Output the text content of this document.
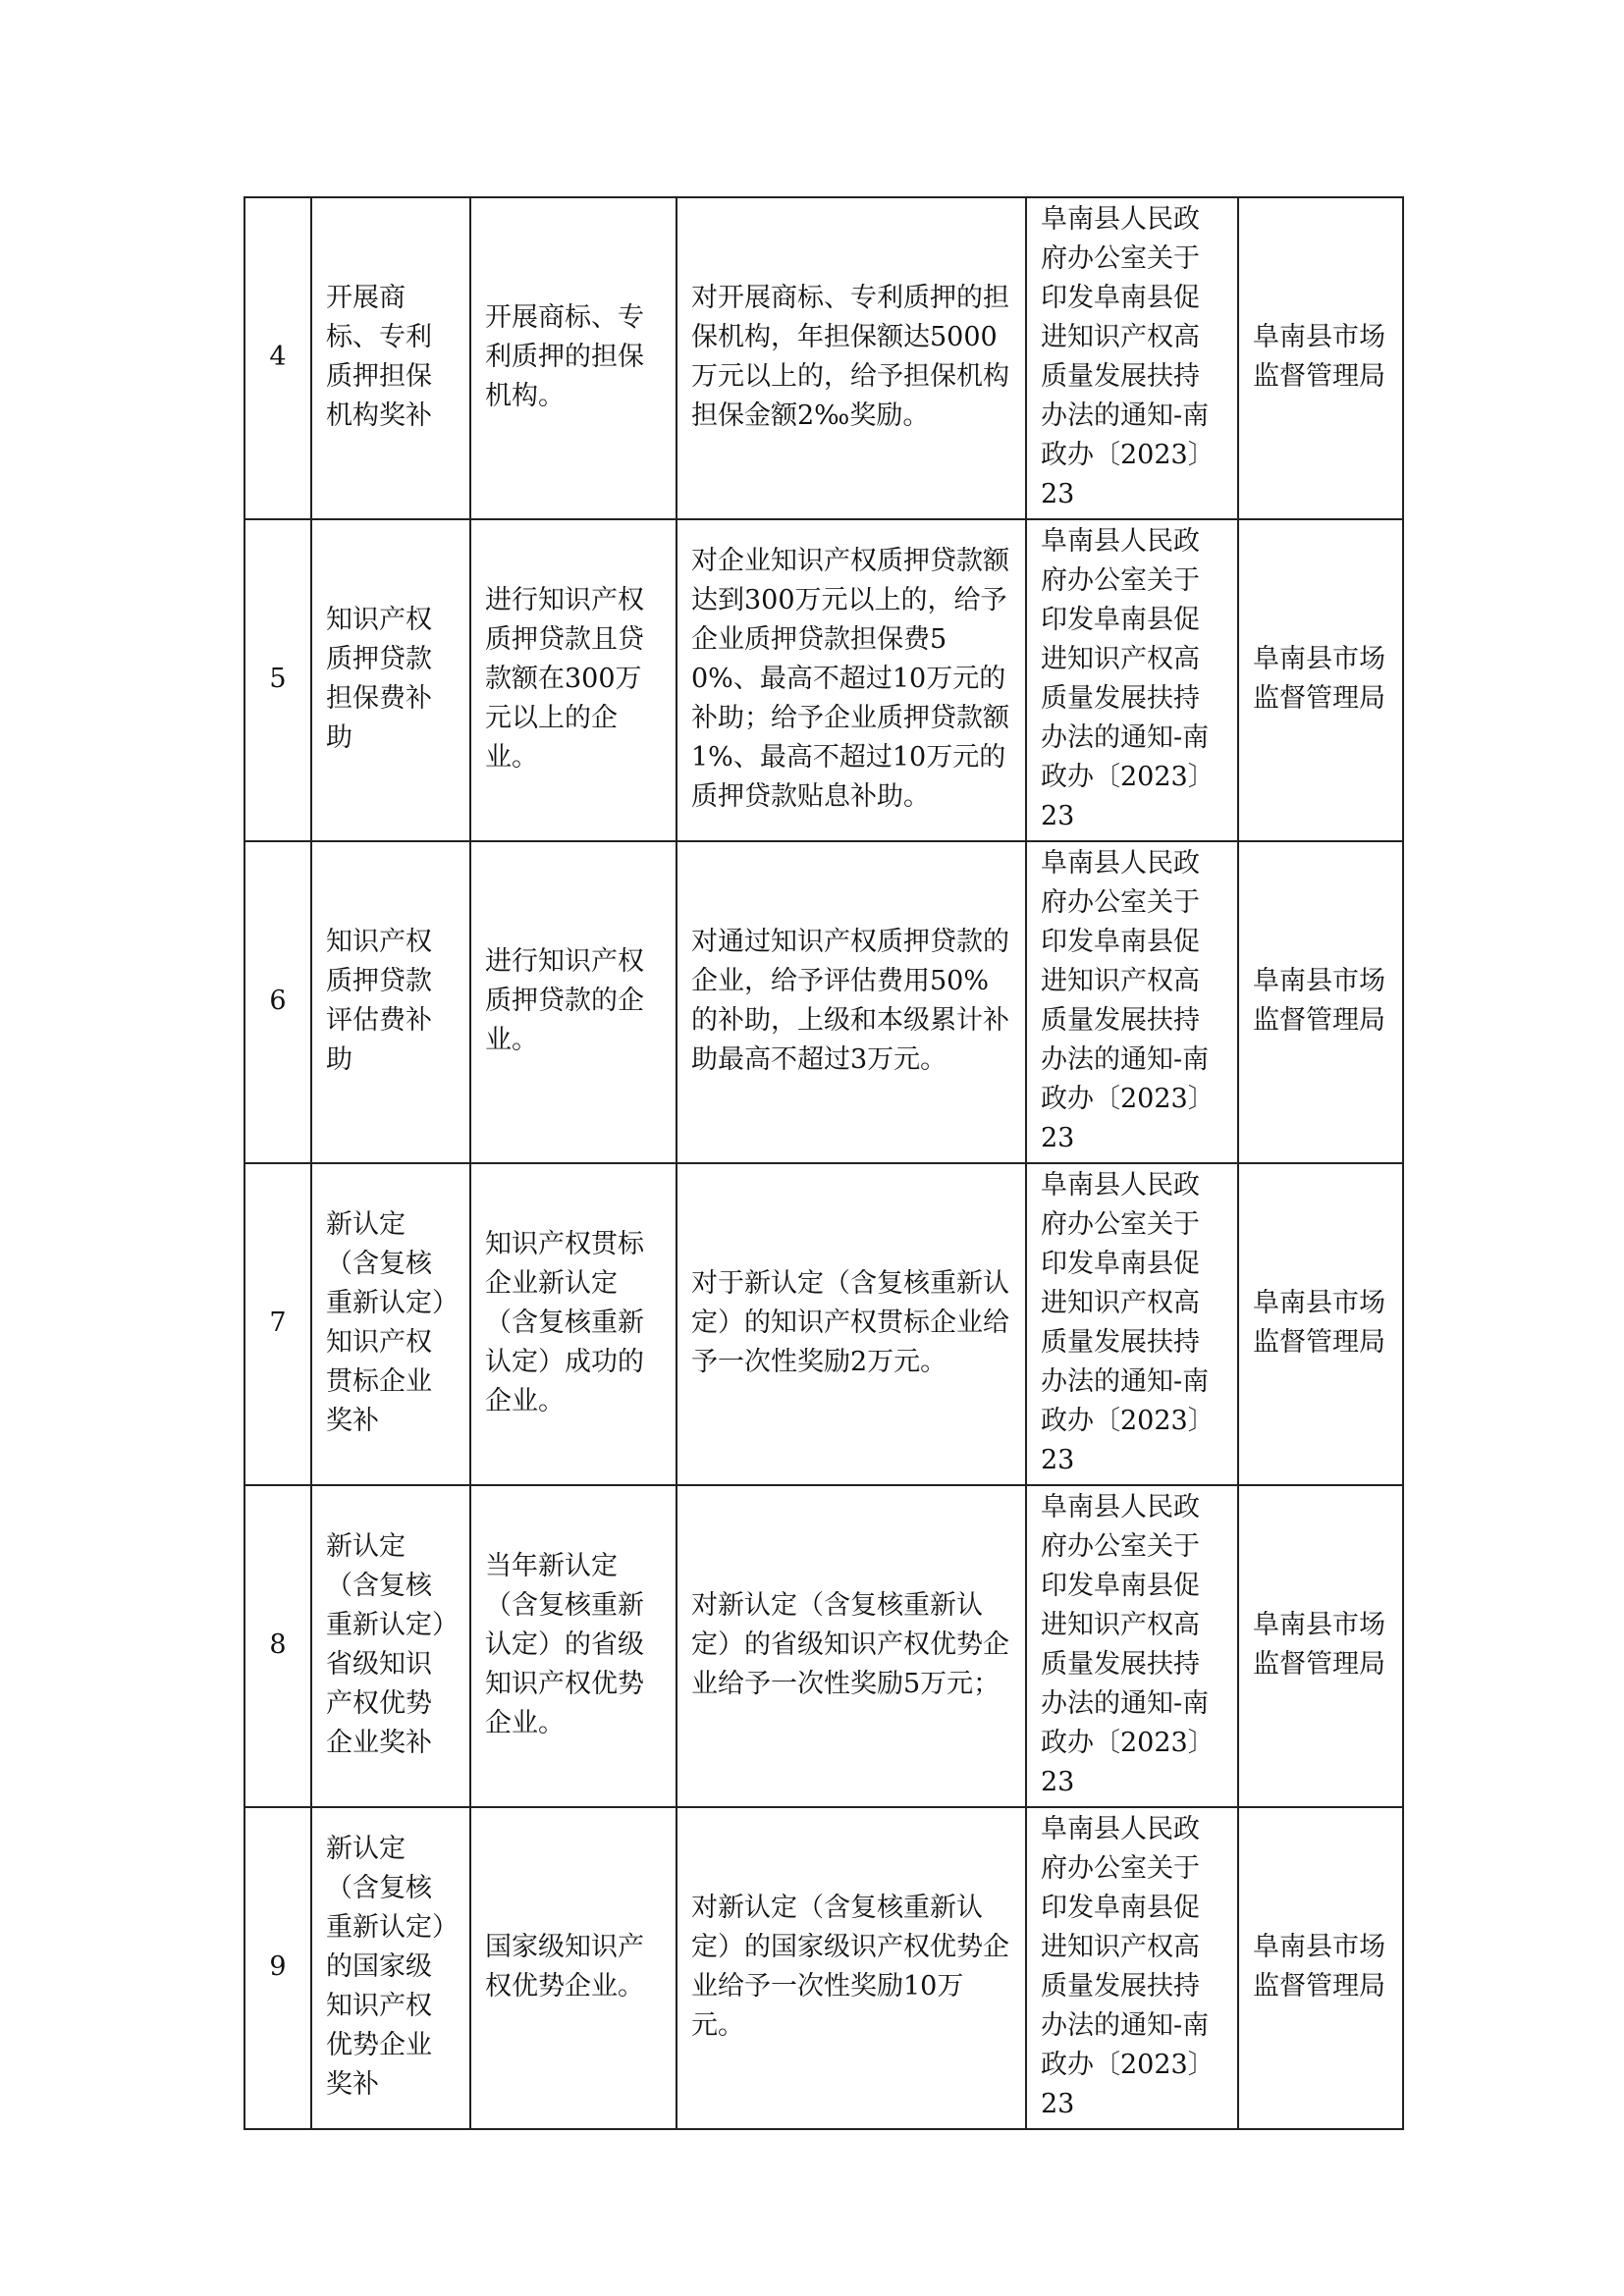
4	开展商标、专利质押担保机构奖补	开展商标、专利质押的担保机构。	对开展商标、专利质押的担保机构，年担保额达5000万元以上的，给予担保机构担保金额2‰奖励。	阜南县人民政府办公室关于印发阜南县促进知识产权高质量发展扶持办法的通知-南政办〔2023〕23	阜南县市场监督管理局
5	知识产权质押贷款担保费补助	进行知识产权质押贷款且贷款额在300万元以上的企业。	对企业知识产权质押贷款额达到300万元以上的，给予企业质押贷款担保费50%、最高不超过10万元的补助；给予企业质押贷款额1%、最高不超过10万元的质押贷款贴息补助。	阜南县人民政府办公室关于印发阜南县促进知识产权高质量发展扶持办法的通知-南政办〔2023〕23	阜南县市场监督管理局
6	知识产权质押贷款评估费补助	进行知识产权质押贷款的企业。	对通过知识产权质押贷款的企业，给予评估费用50%的补助，上级和本级累计补助最高不超过3万元。	阜南县人民政府办公室关于印发阜南县促进知识产权高质量发展扶持办法的通知-南政办〔2023〕23	阜南县市场监督管理局
7	新认定（含复核重新认定）知识产权贯标企业奖补	知识产权贯标企业新认定（含复核重新认定）成功的企业。	对于新认定（含复核重新认定）的知识产权贯标企业给予一次性奖励2万元。	阜南县人民政府办公室关于印发阜南县促进知识产权高质量发展扶持办法的通知-南政办〔2023〕23	阜南县市场监督管理局
8	新认定（含复核重新认定）省级知识产权优势企业奖补	当年新认定（含复核重新认定）的省级知识产权优势企业。	对新认定（含复核重新认定）的省级知识产权优势企业给予一次性奖励5万元；	阜南县人民政府办公室关于印发阜南县促进知识产权高质量发展扶持办法的通知-南政办〔2023〕23	阜南县市场监督管理局
9	新认定（含复核重新认定）的国家级知识产权优势企业奖补	国家级知识产权优势企业。	对新认定（含复核重新认定）的国家级识产权优势企业给予一次性奖励10万元。	阜南县人民政府办公室关于印发阜南县促进知识产权高质量发展扶持办法的通知-南政办〔2023〕23	阜南县市场监督管理局
